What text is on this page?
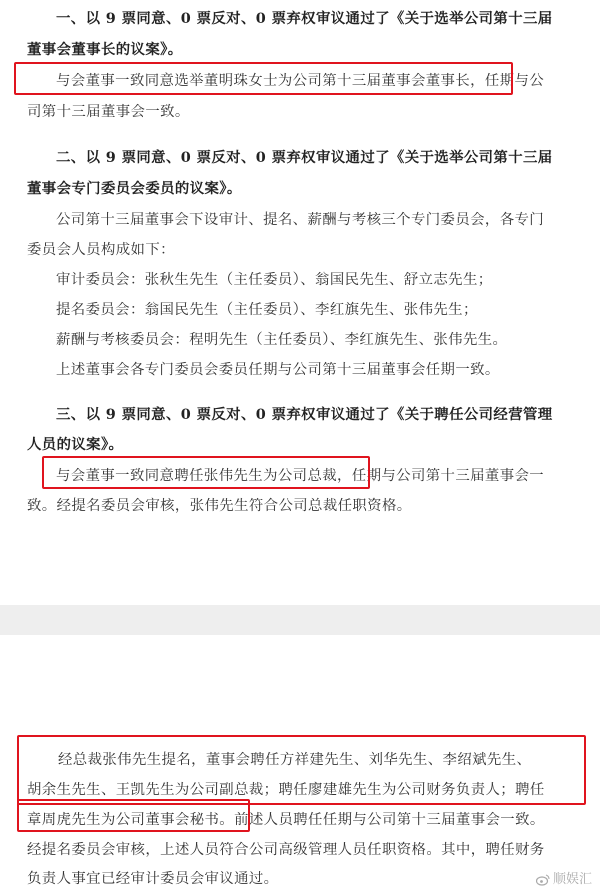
一、以 9 票同意、0 票反对、0 票弃权审议通过了《关于选举公司第十三届
董事会董事长的议案》。
与会董事一致同意选举董明珠女士为公司第十三届董事会董事长，任期与公
司第十三届董事会一致。
二、以 9 票同意、0 票反对、0 票弃权审议通过了《关于选举公司第十三届
董事会专门委员会委员的议案》。
公司第十三届董事会下设审计、提名、薪酬与考核三个专门委员会，各专门
委员会人员构成如下：
审计委员会：张秋生先生（主任委员）、翁国民先生、舒立志先生；
提名委员会：翁国民先生（主任委员）、李红旗先生、张伟先生；
薪酬与考核委员会：程明先生（主任委员）、李红旗先生、张伟先生。
上述董事会各专门委员会委员任期与公司第十三届董事会任期一致。
三、以 9 票同意、0 票反对、0 票弃权审议通过了《关于聘任公司经营管理
人员的议案》。
与会董事一致同意聘任张伟先生为公司总裁，任期与公司第十三届董事会一
致。经提名委员会审核，张伟先生符合公司总裁任职资格。
经总裁张伟先生提名，董事会聘任方祥建先生、刘华先生、李绍斌先生、
胡余生先生、王凯先生为公司副总裁；聘任廖建雄先生为公司财务负责人；聘任
章周虎先生为公司董事会秘书。前述人员聘任任期与公司第十三届董事会一致。
经提名委员会审核，上述人员符合公司高级管理人员任职资格。其中，聘任财务
负责人事宜已经审计委员会审议通过。	顺娱汇
